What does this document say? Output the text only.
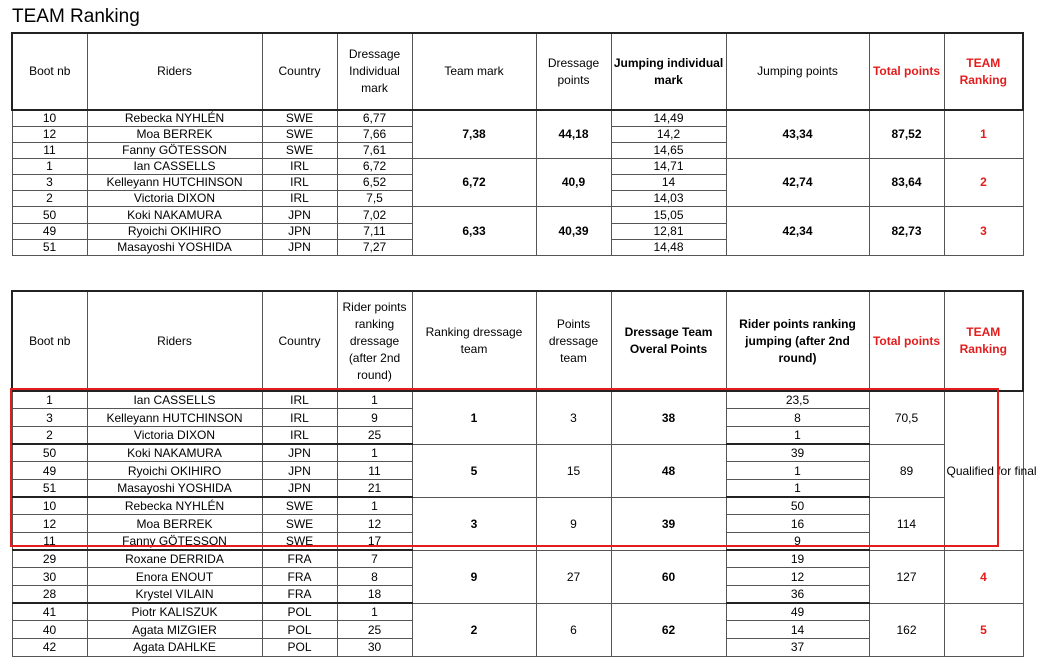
TEAM Ranking
Boot nb	Riders	Country	Dressage Individual mark	Team mark	Dressage points	Jumping individual mark	Jumping points	Total points	TEAM Ranking
10	Rebecka NYHLÉN	SWE	6,77	7,38	44,18	14,49	43,34	87,52	1
12	Moa BERREK	SWE	7,66			14,2			
11	Fanny GÖTESSON	SWE	7,61			14,65			
1	Ian CASSELLS	IRL	6,72	6,72	40,9	14,71	42,74	83,64	2
3	Kelleyann HUTCHINSON	IRL	6,52			14			
2	Victoria DIXON	IRL	7,5			14,03			
50	Koki NAKAMURA	JPN	7,02	6,33	40,39	15,05	42,34	82,73	3
49	Ryoichi OKIHIRO	JPN	7,11			12,81			
51	Masayoshi YOSHIDA	JPN	7,27			14,48			
Boot nb	Riders	Country	Rider points ranking dressage (after 2nd round)	Ranking dressage team	Points dressage team	Dressage Team Overal Points	Rider points ranking jumping (after 2nd round)	Total points	TEAM Ranking
1	Ian CASSELLS	IRL	1	1	3	38	23,5	70,5	Qualified for final
3	Kelleyann HUTCHINSON	IRL	9				8		
2	Victoria DIXON	IRL	25				1		
50	Koki NAKAMURA	JPN	1	5	15	48	39	89	
49	Ryoichi OKIHIRO	JPN	11				1		
51	Masayoshi YOSHIDA	JPN	21				1		
10	Rebecka NYHLÉN	SWE	1	3	9	39	50	114	
12	Moa BERREK	SWE	12				16		
11	Fanny GÖTESSON	SWE	17				9		
29	Roxane DERRIDA	FRA	7	9	27	60	19	127	4
30	Enora ENOUT	FRA	8				12		
28	Krystel VILAIN	FRA	18				36		
41	Piotr KALISZUK	POL	1	2	6	62	49	162	5
40	Agata MIZGIER	POL	25				14		
42	Agata DAHLKE	POL	30				37		
